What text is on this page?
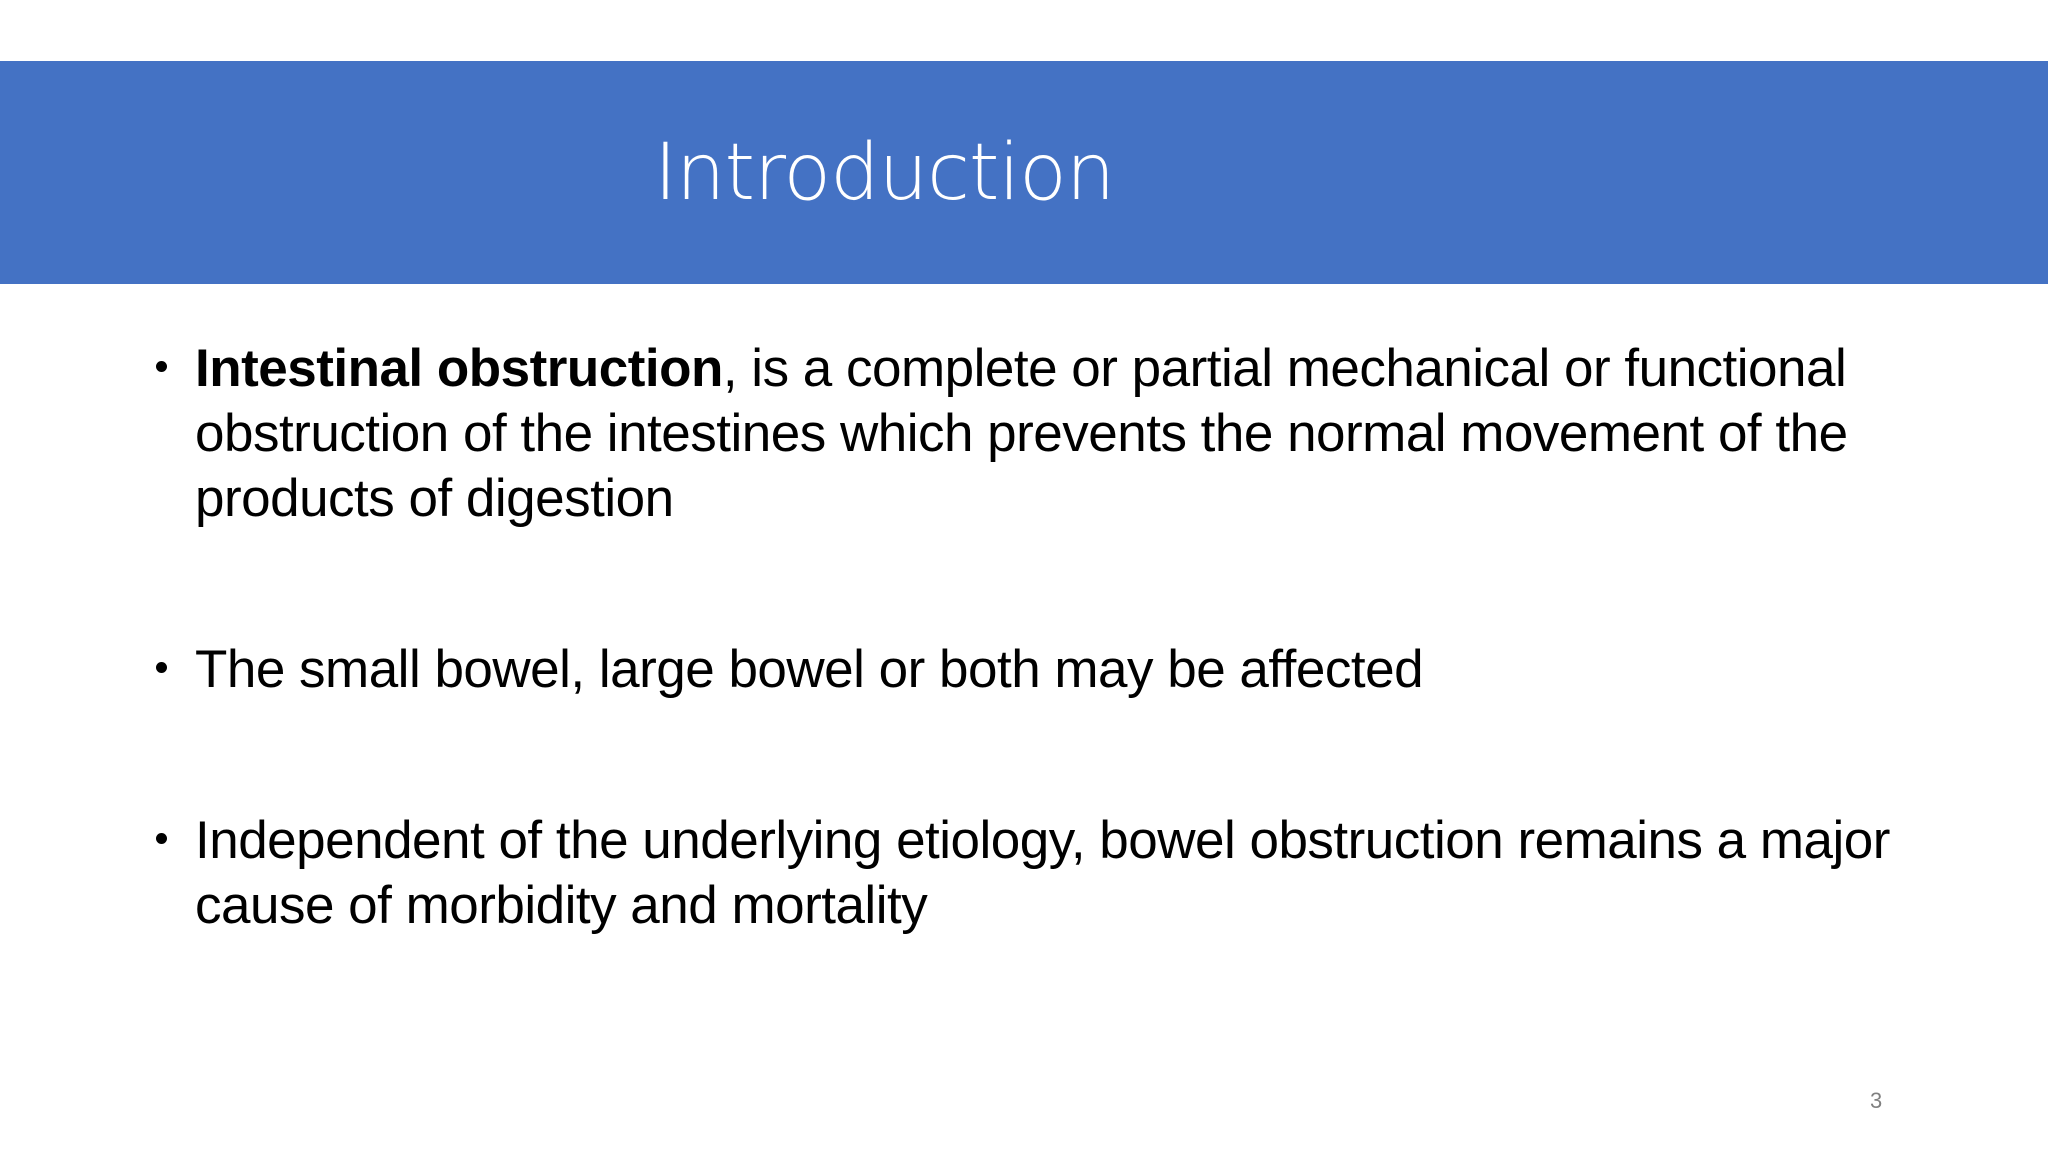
Introduction
Intestinal obstruction, is a complete or partial mechanical or functional obstruction of the intestines which prevents the normal movement of the products of digestion
The small bowel, large bowel or both may be affected
Independent of the underlying etiology, bowel obstruction remains a major cause of morbidity and mortality
3
